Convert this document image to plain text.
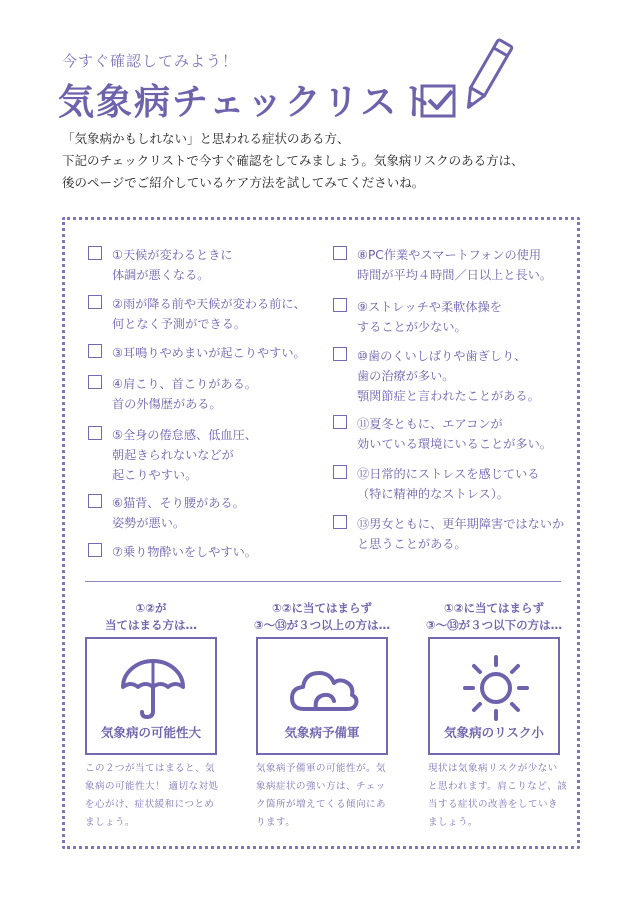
今すぐ確認してみよう！
気象病チェックリスト
「気象病かもしれない」と思われる症状のある方、
下記のチェックリストで今すぐ確認をしてみましょう。気象病リスクのある方は、
後のページでご紹介しているケア方法を試してみてくださいね。
①天候が変わるときに
体調が悪くなる。
②雨が降る前や天候が変わる前に、
何となく予測ができる。
③耳鳴りやめまいが起こりやすい。
④肩こり、首こりがある。
首の外傷歴がある。
⑤全身の倦怠感、低血圧、
朝起きられないなどが
起こりやすい。
⑥猫背、そり腰がある。
姿勢が悪い。
⑦乗り物酔いをしやすい。
⑧PC作業やスマートフォンの使用
時間が平均４時間／日以上と長い。
⑨ストレッチや柔軟体操を
することが少ない。
⑩歯のくいしばりや歯ぎしり、
歯の治療が多い。
顎関節症と言われたことがある。
⑪夏冬ともに、エアコンが
効いている環境にいることが多い。
⑫日常的にストレスを感じている
（特に精神的なストレス）。
⑬男女ともに、更年期障害ではないか
と思うことがある。
①②が
当てはまる方は…
①②に当てはまらず
③〜⑬が３つ以上の方は…
①②に当てはまらず
③〜⑬が３つ以下の方は…
気象病の可能性大	気象病予備軍	気象病のリスク小
この２つが当てはまると、気
象病の可能性大！ 適切な対処
を心がけ、症状緩和につとめ
ましょう。
気象病予備軍の可能性が。気
象病症状の強い方は、チェッ
ク箇所が増えてくる傾向にあ
ります。
現状は気象病リスクが少ない
と思われます。肩こりなど、該
当する症状の改善をしていき
ましょう。
